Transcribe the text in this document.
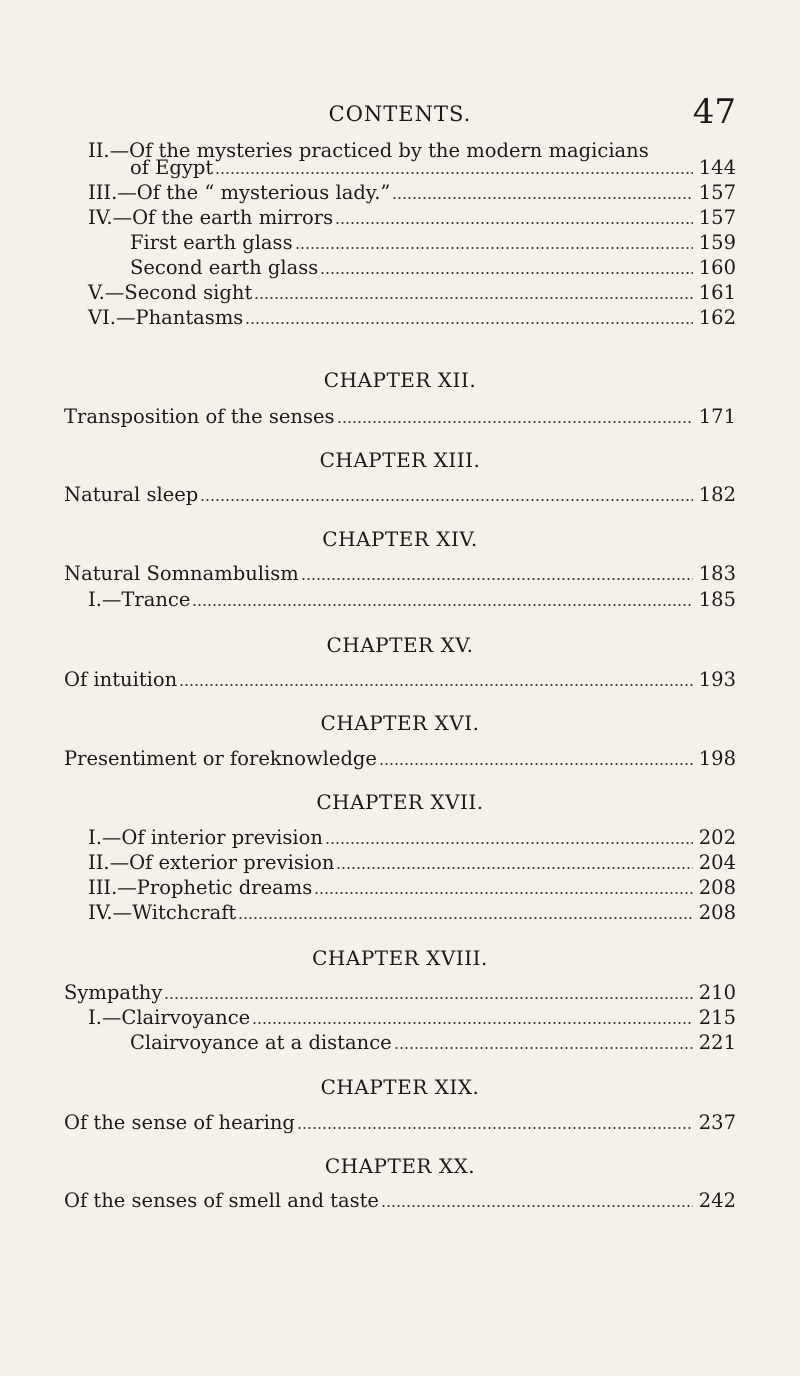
CONTENTS.	47
II.—Of the mysteries practiced by the modern magicians
of Egypt	144
III.—Of the “ mysterious lady.”	157
IV.—Of the earth mirrors	157
First earth glass	159
Second earth glass	160
V.—Second sight	161
VI.—Phantasms	162
CHAPTER XII.
Transposition of the senses	171
CHAPTER XIII.
Natural sleep	182
CHAPTER XIV.
Natural Somnambulism	183
I.—Trance	185
CHAPTER XV.
Of intuition	193
CHAPTER XVI.
Presentiment or foreknowledge	198
CHAPTER XVII.
I.—Of interior prevision	202
II.—Of exterior prevision	204
III.—Prophetic dreams	208
IV.—Witchcraft	208
CHAPTER XVIII.
Sympathy	210
I.—Clairvoyance	215
Clairvoyance at a distance	221
CHAPTER XIX.
Of the sense of hearing	237
CHAPTER XX.
Of the senses of smell and taste	242
